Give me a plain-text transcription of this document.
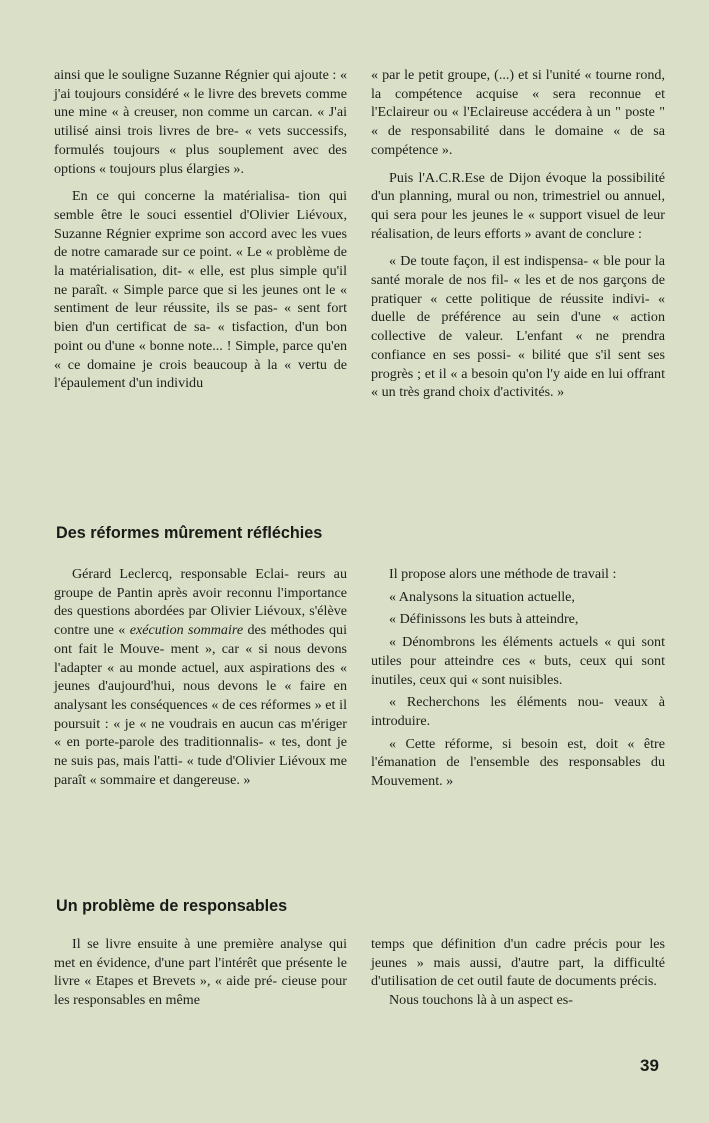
ainsi que le souligne Suzanne Régnier qui ajoute : « j'ai toujours considéré « le livre des brevets comme une mine « à creuser, non comme un carcan. « J'ai utilisé ainsi trois livres de bre- « vets successifs, formulés toujours « plus souplement avec des options « toujours plus élargies ».

En ce qui concerne la matérialisa- tion qui semble être le souci essentiel d'Olivier Liévoux, Suzanne Régnier exprime son accord avec les vues de notre camarade sur ce point. « Le « problème de la matérialisation, dit- « elle, est plus simple qu'il ne paraît. « Simple parce que si les jeunes ont le « sentiment de leur réussite, ils se pas- « sent fort bien d'un certificat de sa- « tisfaction, d'un bon point ou d'une « bonne note... ! Simple, parce qu'en « ce domaine je crois beaucoup à la « vertu de l'épaulement d'un individu

« par le petit groupe, (...) et si l'unité « tourne rond, la compétence acquise « sera reconnue et l'Eclaireur ou « l'Eclaireuse accédera à un " poste " « de responsabilité dans le domaine « de sa compétence ».

Puis l'A.C.R.Ese de Dijon évoque la possibilité d'un planning, mural ou non, trimestriel ou annuel, qui sera pour les jeunes le « support visuel de leur réalisation, de leurs efforts » avant de conclure :

« De toute façon, il est indispensa- « ble pour la santé morale de nos fil- « les et de nos garçons de pratiquer « cette politique de réussite indivi- « duelle de préférence au sein d'une « action collective de valeur. L'enfant « ne prendra confiance en ses possi- « bilité que s'il sent ses progrès ; et il « a besoin qu'on l'y aide en lui offrant « un très grand choix d'activités. »

Des réformes mûrement réfléchies

Gérard Leclercq, responsable Eclai- reurs au groupe de Pantin après avoir reconnu l'importance des questions abordées par Olivier Liévoux, s'élève contre une « exécution sommaire des méthodes qui ont fait le Mouve- ment », car « si nous devons l'adapter « au monde actuel, aux aspirations des « jeunes d'aujourd'hui, nous devons le « faire en analysant les conséquences « de ces réformes » et il poursuit : « je « ne voudrais en aucun cas m'ériger « en porte-parole des traditionnalis- « tes, dont je ne suis pas, mais l'atti- « tude d'Olivier Liévoux me paraît « sommaire et dangereuse. »

Il propose alors une méthode de travail :

« Analysons la situation actuelle,

« Définissons les buts à atteindre,

« Dénombrons les éléments actuels « qui sont utiles pour atteindre ces « buts, ceux qui sont inutiles, ceux qui « sont nuisibles.

« Recherchons les éléments nou- veaux à introduire.

« Cette réforme, si besoin est, doit « être l'émanation de l'ensemble des responsables du Mouvement. »

Un problème de responsables

Il se livre ensuite à une première analyse qui met en évidence, d'une part l'intérêt que présente le livre « Etapes et Brevets », « aide pré- cieuse pour les responsables en même

temps que définition d'un cadre précis pour les jeunes » mais aussi, d'autre part, la difficulté d'utilisation de cet outil faute de documents précis.

Nous touchons là à un aspect es-

39
